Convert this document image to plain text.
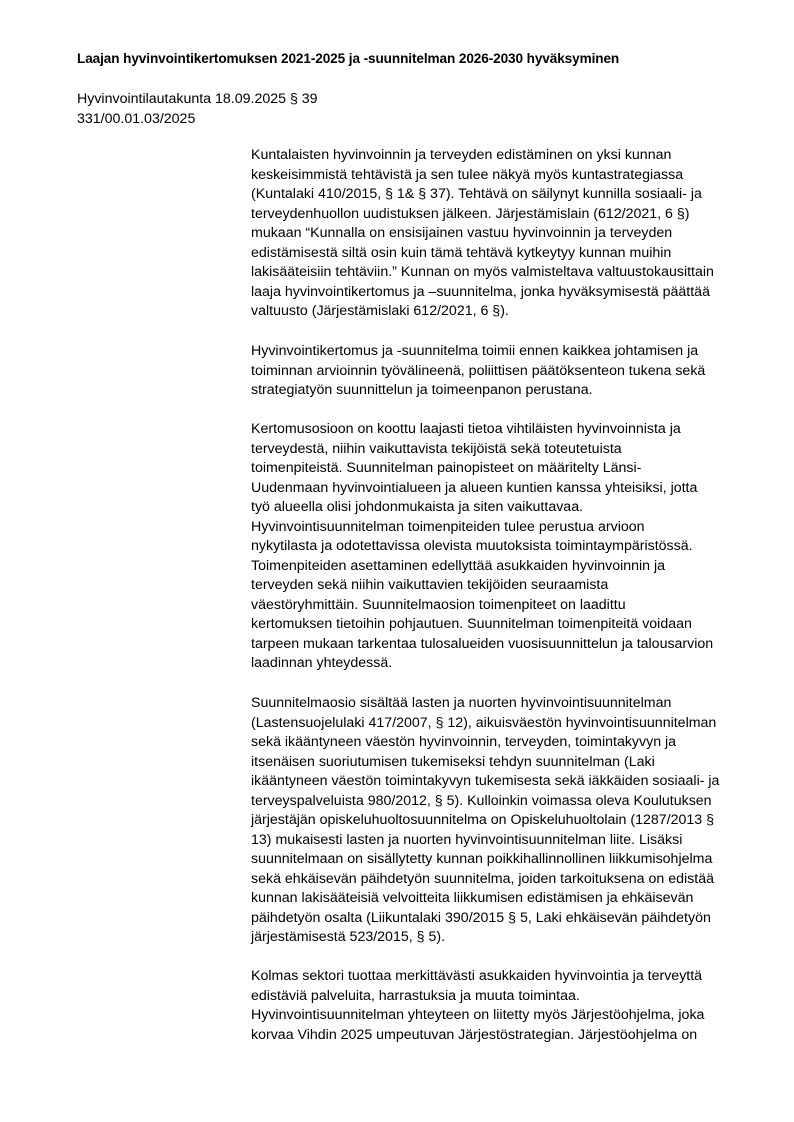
Laajan hyvinvointikertomuksen 2021-2025 ja -suunnitelman 2026-2030 hyväksyminen
Hyvinvointilautakunta 18.09.2025 § 39
331/00.01.03/2025
Kuntalaisten hyvinvoinnin ja terveyden edistäminen on yksi kunnan
keskeisimmistä tehtävistä ja sen tulee näkyä myös kuntastrategiassa
(Kuntalaki 410/2015, § 1& § 37). Tehtävä on säilynyt kunnilla sosiaali- ja
terveydenhuollon uudistuksen jälkeen. Järjestämislain (612/2021, 6 §)
mukaan “Kunnalla on ensisijainen vastuu hyvinvoinnin ja terveyden
edistämisestä siltä osin kuin tämä tehtävä kytkeytyy kunnan muihin
lakisääteisiin tehtäviin.” Kunnan on myös valmisteltava valtuustokausittain
laaja hyvinvointikertomus ja –suunnitelma, jonka hyväksymisestä päättää
valtuusto (Järjestämislaki 612/2021, 6 §).
Hyvinvointikertomus ja -suunnitelma toimii ennen kaikkea johtamisen ja
toiminnan arvioinnin työvälineenä, poliittisen päätöksenteon tukena sekä
strategiatyön suunnittelun ja toimeenpanon perustana.
Kertomusosioon on koottu laajasti tietoa vihtiläisten hyvinvoinnista ja
terveydestä, niihin vaikuttavista tekijöistä sekä toteutetuista
toimenpiteistä. Suunnitelman painopisteet on määritelty Länsi-
Uudenmaan hyvinvointialueen ja alueen kuntien kanssa yhteisiksi, jotta
työ alueella olisi johdonmukaista ja siten vaikuttavaa.
Hyvinvointisuunnitelman toimenpiteiden tulee perustua arvioon
nykytilasta ja odotettavissa olevista muutoksista toimintaympäristössä.
Toimenpiteiden asettaminen edellyttää asukkaiden hyvinvoinnin ja
terveyden sekä niihin vaikuttavien tekijöiden seuraamista
väestöryhmittäin. Suunnitelmaosion toimenpiteet on laadittu
kertomuksen tietoihin pohjautuen. Suunnitelman toimenpiteitä voidaan
tarpeen mukaan tarkentaa tulosalueiden vuosisuunnittelun ja talousarvion
laadinnan yhteydessä.
Suunnitelmaosio sisältää lasten ja nuorten hyvinvointisuunnitelman
(Lastensuojelulaki 417/2007, § 12), aikuisväestön hyvinvointisuunnitelman
sekä ikääntyneen väestön hyvinvoinnin, terveyden, toimintakyvyn ja
itsenäisen suoriutumisen tukemiseksi tehdyn suunnitelman (Laki
ikääntyneen väestön toimintakyvyn tukemisesta sekä iäkkäiden sosiaali- ja
terveyspalveluista 980/2012, § 5). Kulloinkin voimassa oleva Koulutuksen
järjestäjän opiskeluhuoltosuunnitelma on Opiskeluhuoltolain (1287/2013 §
13) mukaisesti lasten ja nuorten hyvinvointisuunnitelman liite. Lisäksi
suunnitelmaan on sisällytetty kunnan poikkihallinnollinen liikkumisohjelma
sekä ehkäisevän päihdetyön suunnitelma, joiden tarkoituksena on edistää
kunnan lakisääteisiä velvoitteita liikkumisen edistämisen ja ehkäisevän
päihdetyön osalta (Liikuntalaki 390/2015 § 5, Laki ehkäisevän päihdetyön
järjestämisestä 523/2015, § 5).
Kolmas sektori tuottaa merkittävästi asukkaiden hyvinvointia ja terveyttä
edistäviä palveluita, harrastuksia ja muuta toimintaa.
Hyvinvointisuunnitelman yhteyteen on liitetty myös Järjestöohjelma, joka
korvaa Vihdin 2025 umpeutuvan Järjestöstrategian. Järjestöohjelma on
